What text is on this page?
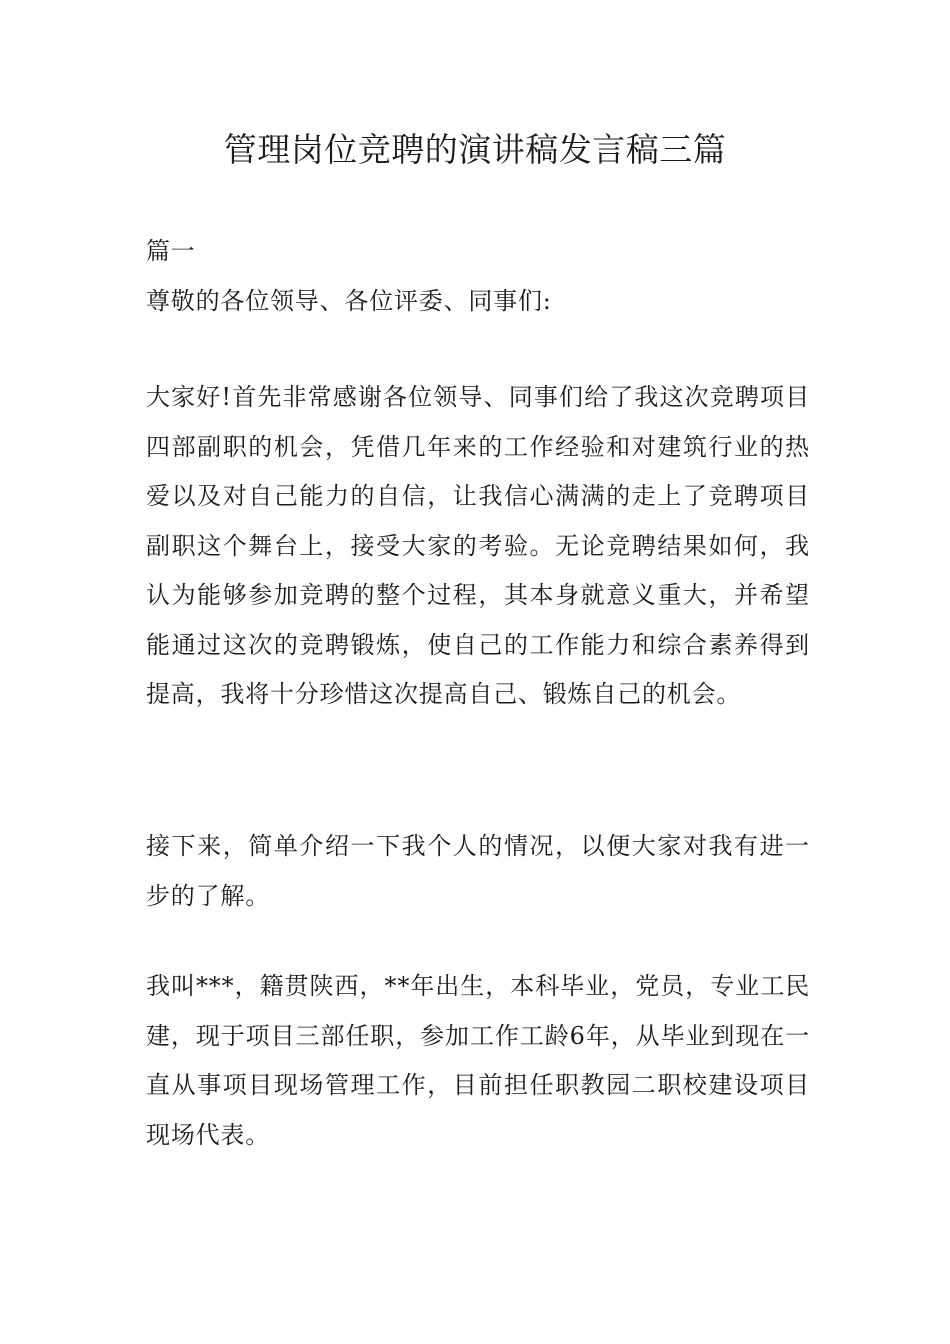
管理岗位竞聘的演讲稿发言稿三篇
篇一
尊敬的各位领导、各位评委、同事们:

大家好!首先非常感谢各位领导、同事们给了我这次竞聘项目四部副职的机会，凭借几年来的工作经验和对建筑行业的热爱以及对自己能力的自信，让我信心满满的走上了竞聘项目副职这个舞台上，接受大家的考验。无论竞聘结果如何，我认为能够参加竞聘的整个过程，其本身就意义重大，并希望能通过这次的竞聘锻炼，使自己的工作能力和综合素养得到提高，我将十分珍惜这次提高自己、锻炼自己的机会。

接下来，简单介绍一下我个人的情况，以便大家对我有进一步的了解。

我叫***，籍贯陕西，**年出生，本科毕业，党员，专业工民建，现于项目三部任职，参加工作工龄6年，从毕业到现在一直从事项目现场管理工作，目前担任职教园二职校建设项目现场代表。
